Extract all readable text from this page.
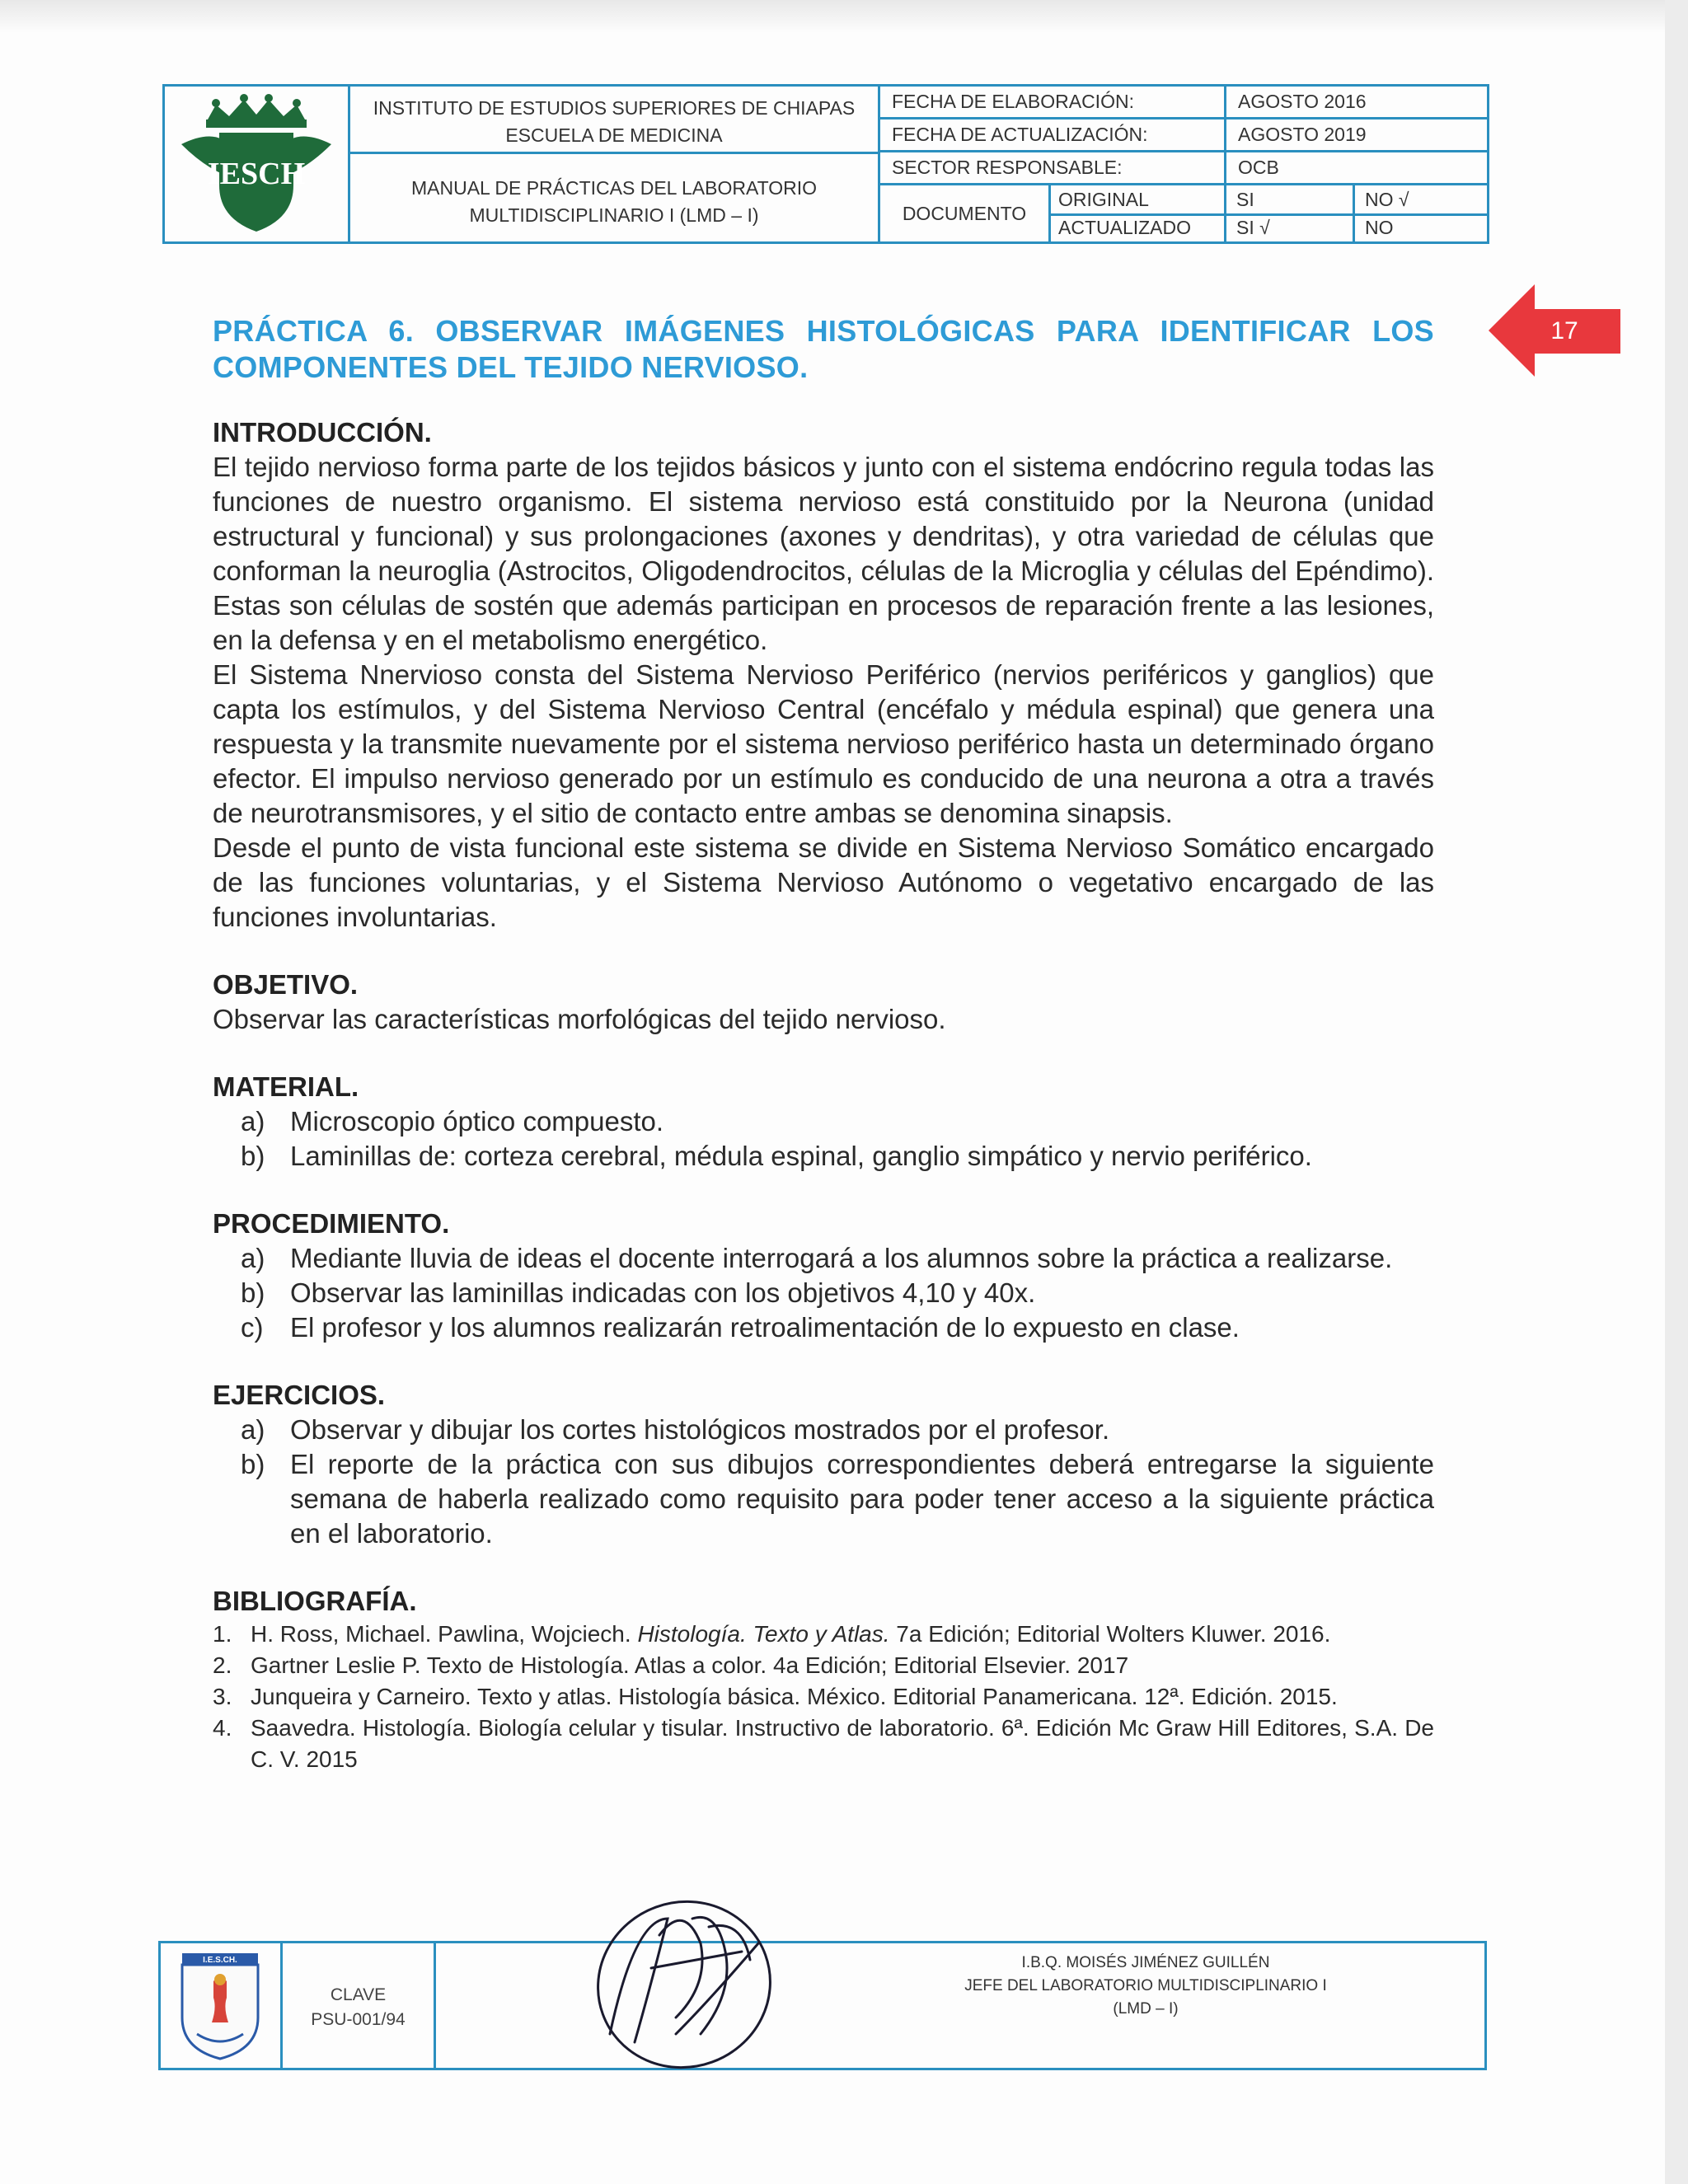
IESCH
INSTITUTO DE ESTUDIOS SUPERIORES DE CHIAPAS
ESCUELA DE MEDICINA
MANUAL DE PRÁCTICAS DEL LABORATORIO
MULTIDISCIPLINARIO I (LMD – I)
FECHA DE ELABORACIÓN:	AGOSTO 2016
FECHA DE ACTUALIZACIÓN:	AGOSTO 2019
SECTOR RESPONSABLE:	OCB
DOCUMENTO
ORIGINAL	SI	NO √
ACTUALIZADO	SI √	NO
17

PRÁCTICA 6. OBSERVAR IMÁGENES HISTOLÓGICAS PARA IDENTIFICAR LOS COMPONENTES DEL TEJIDO NERVIOSO.

INTRODUCCIÓN.

El tejido nervioso forma parte de los tejidos básicos y junto con el sistema endócrino regula todas las funciones de nuestro organismo. El sistema nervioso está constituido por la Neurona (unidad estructural y funcional) y sus prolongaciones (axones y dendritas), y otra variedad de células que conforman la neuroglia (Astrocitos, Oligodendrocitos, células de la Microglia y células del Epéndimo). Estas son células de sostén que además participan en procesos de reparación frente a las lesiones, en la defensa y en el metabolismo energético.

El Sistema Nnervioso consta del Sistema Nervioso Periférico (nervios periféricos y ganglios) que capta los estímulos, y del Sistema Nervioso Central (encéfalo y médula espinal) que genera una respuesta y la transmite nuevamente por el sistema nervioso periférico hasta un determinado órgano efector. El impulso nervioso generado por un estímulo es conducido de una neurona a otra a través de neurotransmisores, y el sitio de contacto entre ambas se denomina sinapsis.

Desde el punto de vista funcional este sistema se divide en Sistema Nervioso Somático encargado de las funciones voluntarias, y el Sistema Nervioso Autónomo o vegetativo encargado de las funciones involuntarias.

OBJETIVO.

Observar las características morfológicas del tejido nervioso.

MATERIAL.
a) Microscopio óptico compuesto.
b) Laminillas de: corteza cerebral, médula espinal, ganglio simpático y nervio periférico.
PROCEDIMIENTO.
a) Mediante lluvia de ideas el docente interrogará a los alumnos sobre la práctica a realizarse.
b) Observar las laminillas indicadas con los objetivos 4,10 y 40x.
c) El profesor y los alumnos realizarán retroalimentación de lo expuesto en clase.
EJERCICIOS.
a) Observar y dibujar los cortes histológicos mostrados por el profesor.
b) El reporte de la práctica con sus dibujos correspondientes deberá entregarse la siguiente semana de haberla realizado como requisito para poder tener acceso a la siguiente práctica en el laboratorio.
BIBLIOGRAFÍA.
1. H. Ross, Michael. Pawlina, Wojciech. Histología. Texto y Atlas. 7a Edición; Editorial Wolters Kluwer. 2016.
2. Gartner Leslie P. Texto de Histología. Atlas a color. 4a Edición; Editorial Elsevier. 2017
3. Junqueira y Carneiro. Texto y atlas. Histología básica. México. Editorial Panamericana. 12ª. Edición. 2015.
4. Saavedra. Histología. Biología celular y tisular. Instructivo de laboratorio. 6ª. Edición Mc Graw Hill Editores, S.A. De C. V. 2015
I.E.S.CH.
CLAVE
PSU-001/94
I.B.Q. MOISÉS JIMÉNEZ GUILLÉN
JEFE DEL LABORATORIO MULTIDISCIPLINARIO I
(LMD – I)
